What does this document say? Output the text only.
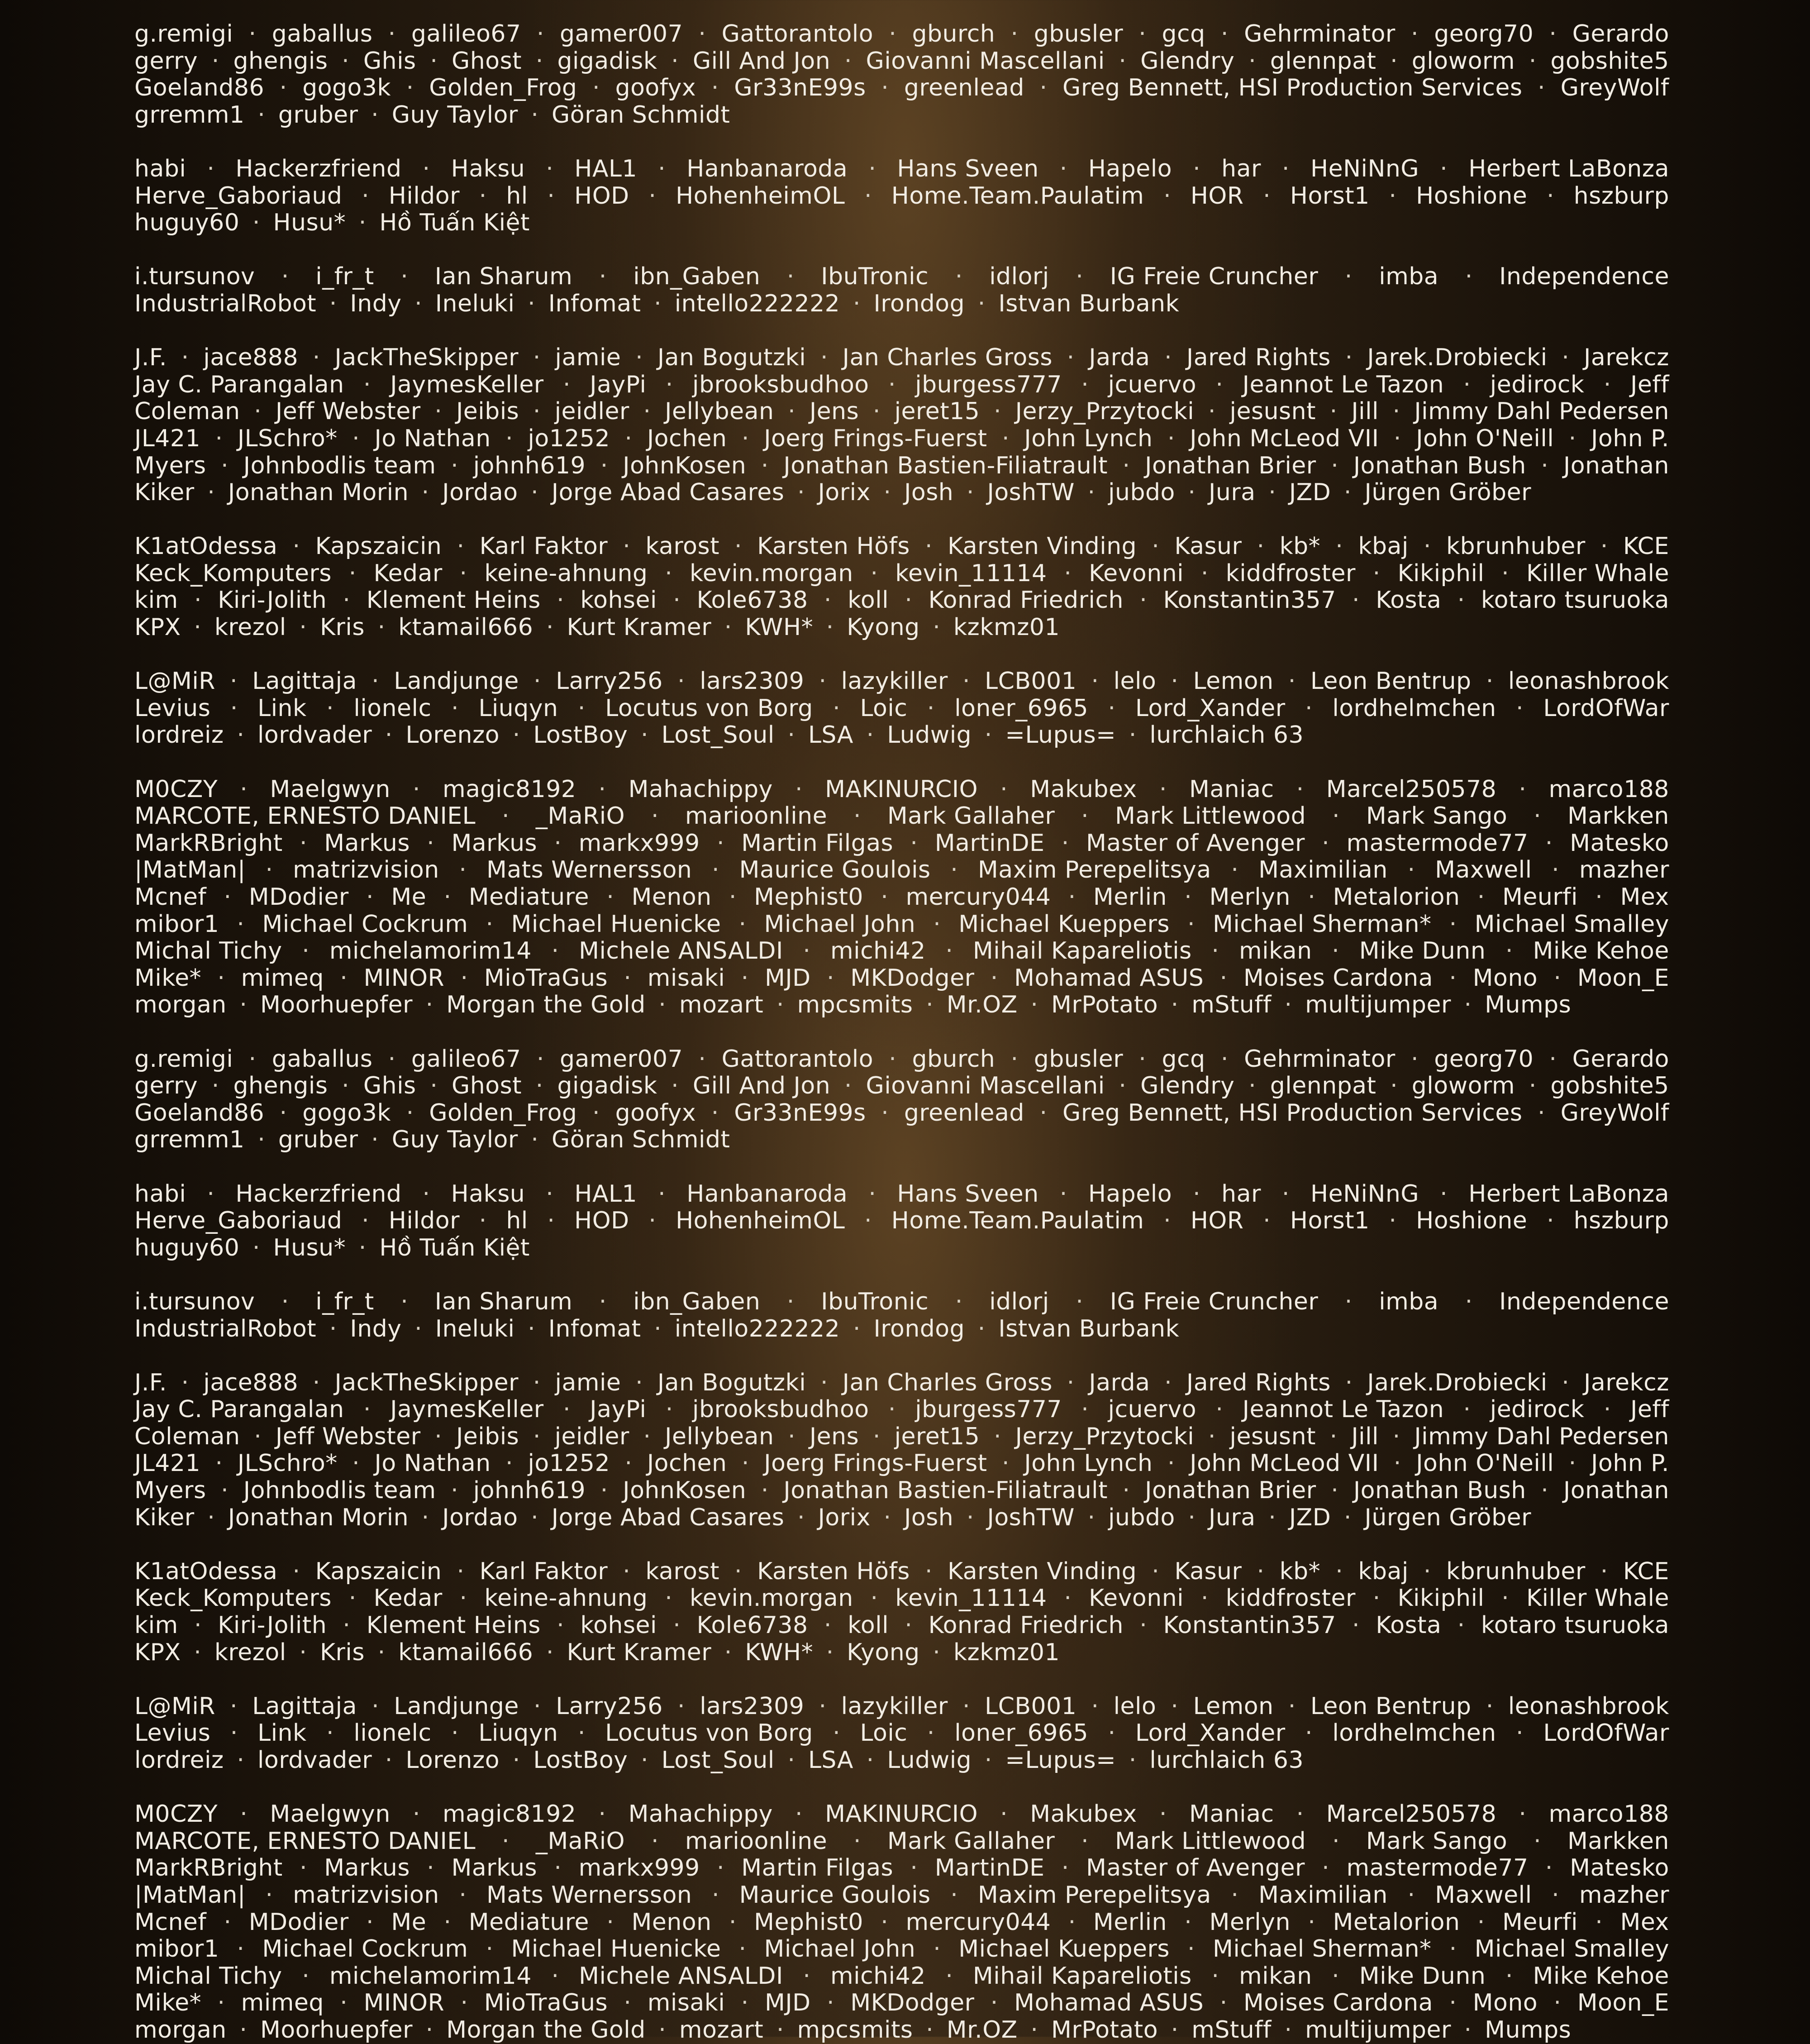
g.remigi · gaballus · galileo67 · gamer007 · Gattorantolo · gburch · gbusler · gcq · Gehrminator · georg70 · Gerardo
gerry · ghengis · Ghis · Ghost · gigadisk · Gill And Jon · Giovanni Mascellani · Glendry · glennpat · gloworm · gobshite5
Goeland86 · gogo3k · Golden_Frog · goofyx · Gr33nE99s · greenlead · Greg Bennett, HSI Production Services · GreyWolf
grremm1 · gruber · Guy Taylor · Göran Schmidt
habi · Hackerzfriend · Haksu · HAL1 · Hanbanaroda · Hans Sveen · Hapelo · har · HeNiNnG · Herbert LaBonza
Herve_Gaboriaud · Hildor · hl · HOD · HohenheimOL · Home.Team.Paulatim · HOR · Horst1 · Hoshione · hszburp
huguy60 · Husu* · Hồ Tuấn Kiệt
i.tursunov	·	i_fr_t	·	Ian Sharum	·	ibn_Gaben	·	IbuTronic	·	idlorj	·	IG Freie Cruncher	·	imba	·	Independence
IndustrialRobot · Indy · Ineluki · Infomat · intello222222 · Irondog · Istvan Burbank
J.F. · jace888 · JackTheSkipper · jamie · Jan Bogutzki · Jan Charles Gross · Jarda · Jared Rights · Jarek.Drobiecki · Jarekcz
Jay C. Parangalan · JaymesKeller · JayPi · jbrooksbudhoo · jburgess777 · jcuervo · Jeannot Le Tazon · jedirock · Jeff
Coleman · Jeff Webster · Jeibis · jeidler · Jellybean · Jens · jeret15 · Jerzy_Przytocki · jesusnt · Jill · Jimmy Dahl Pedersen
JL421 · JLSchro* · Jo Nathan · jo1252 · Jochen · Joerg Frings-Fuerst · John Lynch · John McLeod VII · John O'Neill · John P.
Myers · Johnbodlis team · johnh619 · JohnKosen · Jonathan Bastien-Filiatrault · Jonathan Brier · Jonathan Bush · Jonathan
Kiker · Jonathan Morin · Jordao · Jorge Abad Casares · Jorix · Josh · JoshTW · jubdo · Jura · JZD · Jürgen Gröber
K1atOdessa · Kapszaicin · Karl Faktor · karost · Karsten Höfs · Karsten Vinding · Kasur · kb* · kbaj · kbrunhuber · KCE
Keck_Komputers · Kedar · keine-ahnung · kevin.morgan · kevin_11114 · Kevonni · kiddfroster · Kikiphil · Killer Whale
kim · Kiri-Jolith · Klement Heins · kohsei · Kole6738 · koll · Konrad Friedrich · Konstantin357 · Kosta · kotaro tsuruoka
KPX · krezol · Kris · ktamail666 · Kurt Kramer · KWH* · Kyong · kzkmz01
L@MiR · Lagittaja · Landjunge · Larry256 · lars2309 · lazykiller · LCB001 · lelo · Lemon · Leon Bentrup · leonashbrook
Levius · Link · lionelc · Liuqyn · Locutus von Borg · Loic · loner_6965 · Lord_Xander · lordhelmchen · LordOfWar
lordreiz · lordvader · Lorenzo · LostBoy · Lost_Soul · LSA · Ludwig · =Lupus= · lurchlaich 63
M0CZY · Maelgwyn · magic8192 · Mahachippy · MAKINURCIO · Makubex · Maniac · Marcel250578 · marco188
MARCOTE, ERNESTO DANIEL	·	_MaRiO	·	marioonline	·	Mark Gallaher	·	Mark Littlewood	·	Mark Sango	·	Markken
MarkRBright · Markus · Markus · markx999 · Martin Filgas · MartinDE · Master of Avenger · mastermode77 · Matesko
|MatMan| · matrizvision · Mats Wernersson · Maurice Goulois · Maxim Perepelitsya · Maximilian · Maxwell · mazher
Mcnef · MDodier · Me · Mediature · Menon · Mephist0 · mercury044 · Merlin · Merlyn · Metalorion · Meurfi · Mex
mibor1 · Michael Cockrum · Michael Huenicke · Michael John · Michael Kueppers · Michael Sherman* · Michael Smalley
Michal Tichy · michelamorim14 · Michele ANSALDI · michi42 · Mihail Kapareliotis · mikan · Mike Dunn · Mike Kehoe
Mike* · mimeq · MINOR · MioTraGus · misaki · MJD · MKDodger · Mohamad ASUS · Moises Cardona · Mono · Moon_E
morgan · Moorhuepfer · Morgan the Gold · mozart · mpcsmits · Mr.OZ · MrPotato · mStuff · multijumper · Mumps
g.remigi · gaballus · galileo67 · gamer007 · Gattorantolo · gburch · gbusler · gcq · Gehrminator · georg70 · Gerardo
gerry · ghengis · Ghis · Ghost · gigadisk · Gill And Jon · Giovanni Mascellani · Glendry · glennpat · gloworm · gobshite5
Goeland86 · gogo3k · Golden_Frog · goofyx · Gr33nE99s · greenlead · Greg Bennett, HSI Production Services · GreyWolf
grremm1 · gruber · Guy Taylor · Göran Schmidt
habi · Hackerzfriend · Haksu · HAL1 · Hanbanaroda · Hans Sveen · Hapelo · har · HeNiNnG · Herbert LaBonza
Herve_Gaboriaud · Hildor · hl · HOD · HohenheimOL · Home.Team.Paulatim · HOR · Horst1 · Hoshione · hszburp
huguy60 · Husu* · Hồ Tuấn Kiệt
i.tursunov	·	i_fr_t	·	Ian Sharum	·	ibn_Gaben	·	IbuTronic	·	idlorj	·	IG Freie Cruncher	·	imba	·	Independence
IndustrialRobot · Indy · Ineluki · Infomat · intello222222 · Irondog · Istvan Burbank
J.F. · jace888 · JackTheSkipper · jamie · Jan Bogutzki · Jan Charles Gross · Jarda · Jared Rights · Jarek.Drobiecki · Jarekcz
Jay C. Parangalan · JaymesKeller · JayPi · jbrooksbudhoo · jburgess777 · jcuervo · Jeannot Le Tazon · jedirock · Jeff
Coleman · Jeff Webster · Jeibis · jeidler · Jellybean · Jens · jeret15 · Jerzy_Przytocki · jesusnt · Jill · Jimmy Dahl Pedersen
JL421 · JLSchro* · Jo Nathan · jo1252 · Jochen · Joerg Frings-Fuerst · John Lynch · John McLeod VII · John O'Neill · John P.
Myers · Johnbodlis team · johnh619 · JohnKosen · Jonathan Bastien-Filiatrault · Jonathan Brier · Jonathan Bush · Jonathan
Kiker · Jonathan Morin · Jordao · Jorge Abad Casares · Jorix · Josh · JoshTW · jubdo · Jura · JZD · Jürgen Gröber
K1atOdessa · Kapszaicin · Karl Faktor · karost · Karsten Höfs · Karsten Vinding · Kasur · kb* · kbaj · kbrunhuber · KCE
Keck_Komputers · Kedar · keine-ahnung · kevin.morgan · kevin_11114 · Kevonni · kiddfroster · Kikiphil · Killer Whale
kim · Kiri-Jolith · Klement Heins · kohsei · Kole6738 · koll · Konrad Friedrich · Konstantin357 · Kosta · kotaro tsuruoka
KPX · krezol · Kris · ktamail666 · Kurt Kramer · KWH* · Kyong · kzkmz01
L@MiR · Lagittaja · Landjunge · Larry256 · lars2309 · lazykiller · LCB001 · lelo · Lemon · Leon Bentrup · leonashbrook
Levius · Link · lionelc · Liuqyn · Locutus von Borg · Loic · loner_6965 · Lord_Xander · lordhelmchen · LordOfWar
lordreiz · lordvader · Lorenzo · LostBoy · Lost_Soul · LSA · Ludwig · =Lupus= · lurchlaich 63
M0CZY · Maelgwyn · magic8192 · Mahachippy · MAKINURCIO · Makubex · Maniac · Marcel250578 · marco188
MARCOTE, ERNESTO DANIEL	·	_MaRiO	·	marioonline	·	Mark Gallaher	·	Mark Littlewood	·	Mark Sango	·	Markken
MarkRBright · Markus · Markus · markx999 · Martin Filgas · MartinDE · Master of Avenger · mastermode77 · Matesko
|MatMan| · matrizvision · Mats Wernersson · Maurice Goulois · Maxim Perepelitsya · Maximilian · Maxwell · mazher
Mcnef · MDodier · Me · Mediature · Menon · Mephist0 · mercury044 · Merlin · Merlyn · Metalorion · Meurfi · Mex
mibor1 · Michael Cockrum · Michael Huenicke · Michael John · Michael Kueppers · Michael Sherman* · Michael Smalley
Michal Tichy · michelamorim14 · Michele ANSALDI · michi42 · Mihail Kapareliotis · mikan · Mike Dunn · Mike Kehoe
Mike* · mimeq · MINOR · MioTraGus · misaki · MJD · MKDodger · Mohamad ASUS · Moises Cardona · Mono · Moon_E
morgan · Moorhuepfer · Morgan the Gold · mozart · mpcsmits · Mr.OZ · MrPotato · mStuff · multijumper · Mumps
